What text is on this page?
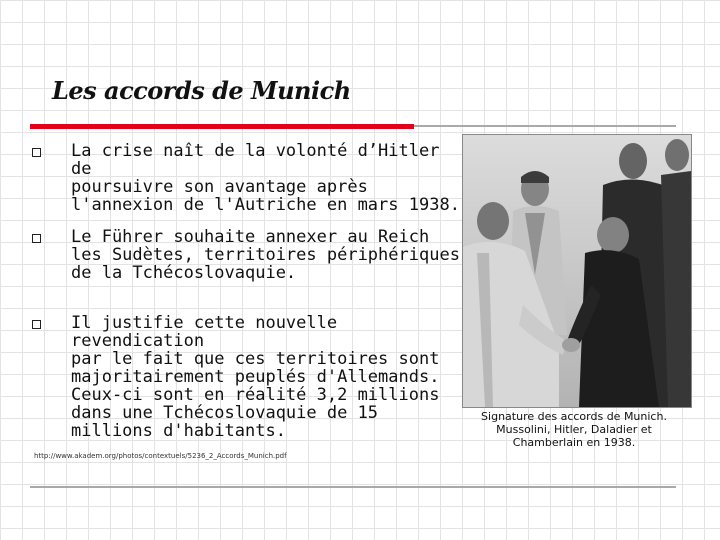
Les accords de Munich
La crise naît de la volonté d’Hitler de
poursuivre son avantage après
l'annexion de l'Autriche en mars 1938.
Le Führer souhaite annexer au Reich
les Sudètes, territoires périphériques
de la Tchécoslovaquie.
Il justifie cette nouvelle revendication
par le fait que ces territoires sont
majoritairement peuplés d'Allemands.
Ceux-ci sont en réalité 3,2 millions
dans une Tchécoslovaquie de 15
millions d'habitants.
Signature des accords de Munich.
Mussolini, Hitler, Daladier et
Chamberlain en 1938.
http://www.akadem.org/photos/contextuels/5236_2_Accords_Munich.pdf
